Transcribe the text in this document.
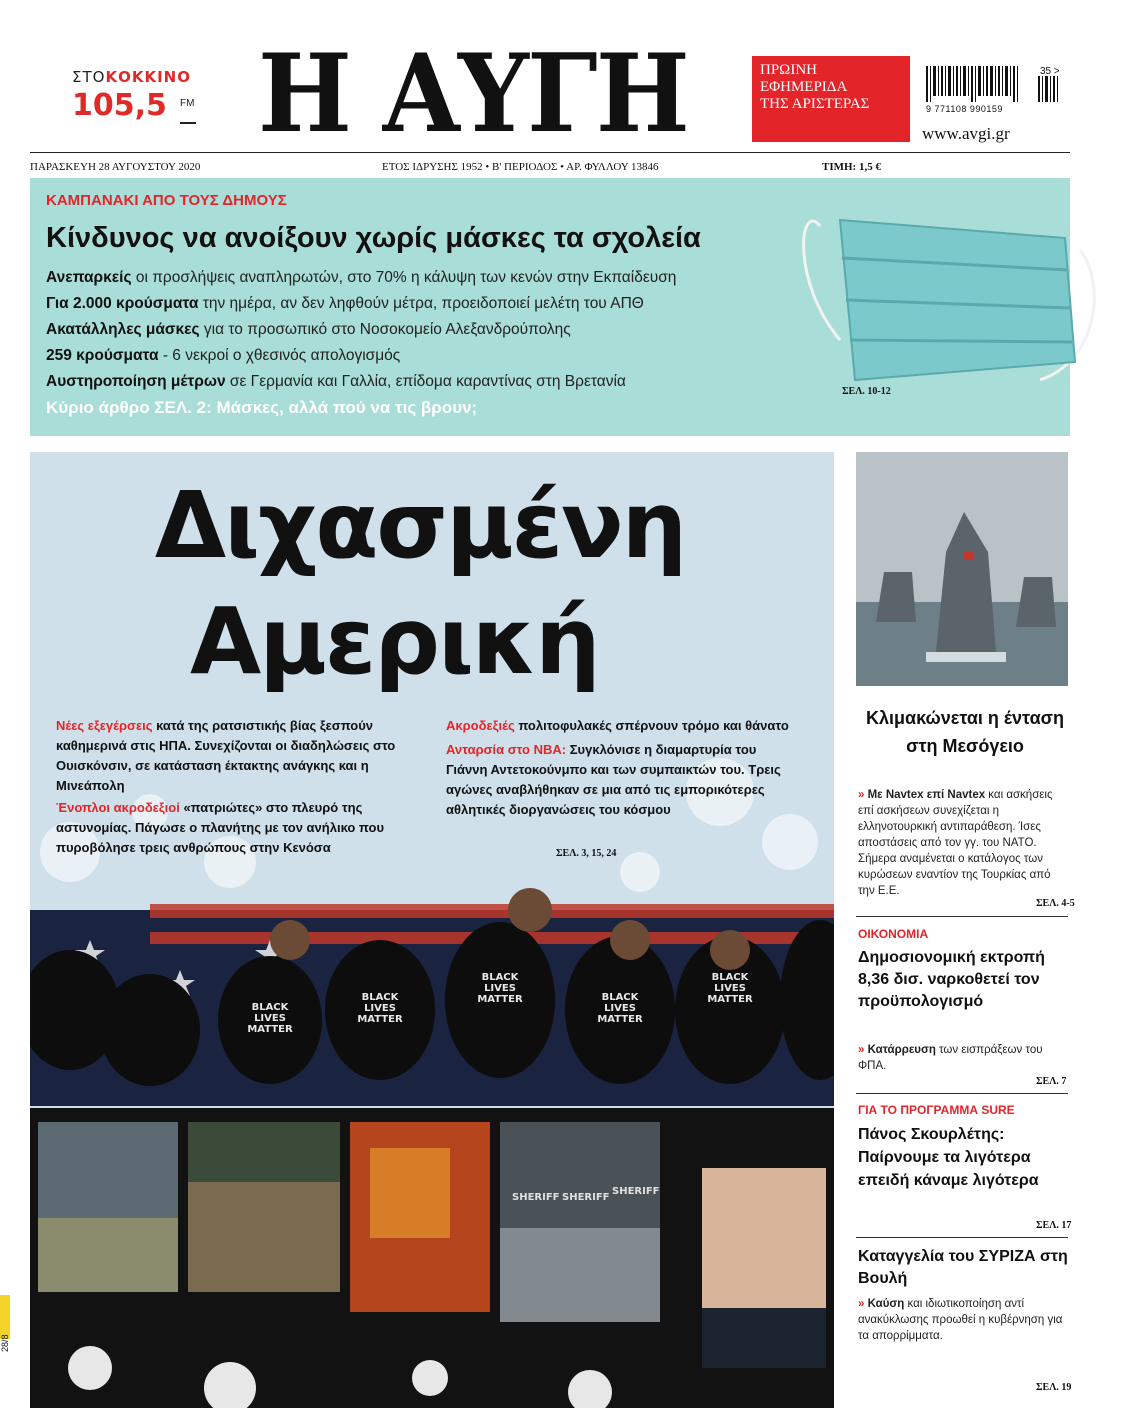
ΣΤΟΚΟΚΚΙΝΟ
105,5	FM Η ΑΥΓΗ	ΠΡΩΙΝΗ
ΕΦΗΜΕΡΙΔΑ
ΤΗΣ ΑΡΙΣΤΕΡΑΣ	9 771108 990159
35 >
www.avgi.gr
ΠΑΡΑΣΚΕΥΗ 28 ΑΥΓΟΥΣΤΟΥ 2020	ΕΤΟΣ ΙΔΡΥΣΗΣ 1952 • Β' ΠΕΡΙΟΔΟΣ • ΑΡ. ΦΥΛΛΟΥ 13846	ΤΙΜΗ: 1,5 €
ΚΑΜΠΑΝΑΚΙ ΑΠΟ ΤΟΥΣ ΔΗΜΟΥΣ
Κίνδυνος να ανοίξουν χωρίς μάσκες τα σχολεία
Ανεπαρκείς οι προσλήψεις αναπληρωτών, στο 70% η κάλυψη των κενών στην Εκπαίδευση
Για 2.000 κρούσματα την ημέρα, αν δεν ληφθούν μέτρα, προειδοποιεί μελέτη του ΑΠΘ
Ακατάλληλες μάσκες για το προσωπικό στο Νοσοκομείο Αλεξανδρούπολης
259 κρούσματα - 6 νεκροί ο χθεσινός απολογισμός
Αυστηροποίηση μέτρων σε Γερμανία και Γαλλία, επίδομα καραντίνας στη Βρετανία
Κύριο άρθρο ΣΕΛ. 2: Μάσκες, αλλά πού να τις βρουν;
ΣΕΛ. 10-12
Διχασμένη
Αμερική
Νέες εξεγέρσεις κατά της ρατσιστικής βίας ξεσπούν καθημερινά στις ΗΠΑ. Συνεχίζονται οι διαδηλώσεις στο Ουισκόνσιν, σε κατάσταση έκτακτης ανάγκης και η Μινεάπολη
Ένοπλοι ακροδεξιοί «πατριώτες» στο πλευρό της αστυνομίας. Πάγωσε ο πλανήτης με τον ανήλικο που πυροβόλησε τρεις ανθρώπους στην Κενόσα
Ακροδεξιές πολιτοφυλακές σπέρνουν τρόμο και θάνατο
Ανταρσία στο NBA: Συγκλόνισε η διαμαρτυρία του Γιάννη Αντετοκούνμπο και των συμπαικτών του. Τρεις αγώνες αναβλήθηκαν σε μια από τις εμπορικότερες αθλητικές διοργανώσεις του κόσμου
ΣΕΛ. 3, 15, 24
BLACK LIVES MATTER
BLACK LIVES MATTER
BLACK LIVES MATTER	BLACK LIVES MATTER
BLACK LIVES MATTER
SHERIFF SHERIFF
SHERIFF
Κλιμακώνεται η ένταση στη Μεσόγειο
» Με Navtex επί Navtex και ασκήσεις επί ασκήσεων συνεχίζεται η ελληνοτουρκική αντιπαράθεση. Ίσες αποστάσεις από τον γγ. του ΝΑΤΟ. Σήμερα αναμένεται ο κατάλογος των κυρώσεων εναντίον της Τουρκίας από την Ε.Ε.
ΣΕΛ. 4-5
ΟΙΚΟΝΟΜΙΑ
Δημοσιονομική εκτροπή 8,36 δισ. ναρκοθετεί τον προϋπολογισμό
» Κατάρρευση των εισπράξεων του ΦΠΑ.
ΣΕΛ. 7
ΓΙΑ ΤΟ ΠΡΟΓΡΑΜΜΑ SURE
Πάνος Σκουρλέτης: Παίρνουμε τα λιγότερα επειδή κάναμε λιγότερα
ΣΕΛ. 17
Καταγγελία του ΣΥΡΙΖΑ στη Βουλή
» Καύση και ιδιωτικοποίηση αντί ανακύκλωσης προωθεί η κυβέρνηση για τα απορρίμματα.
ΣΕΛ. 19
28/8
